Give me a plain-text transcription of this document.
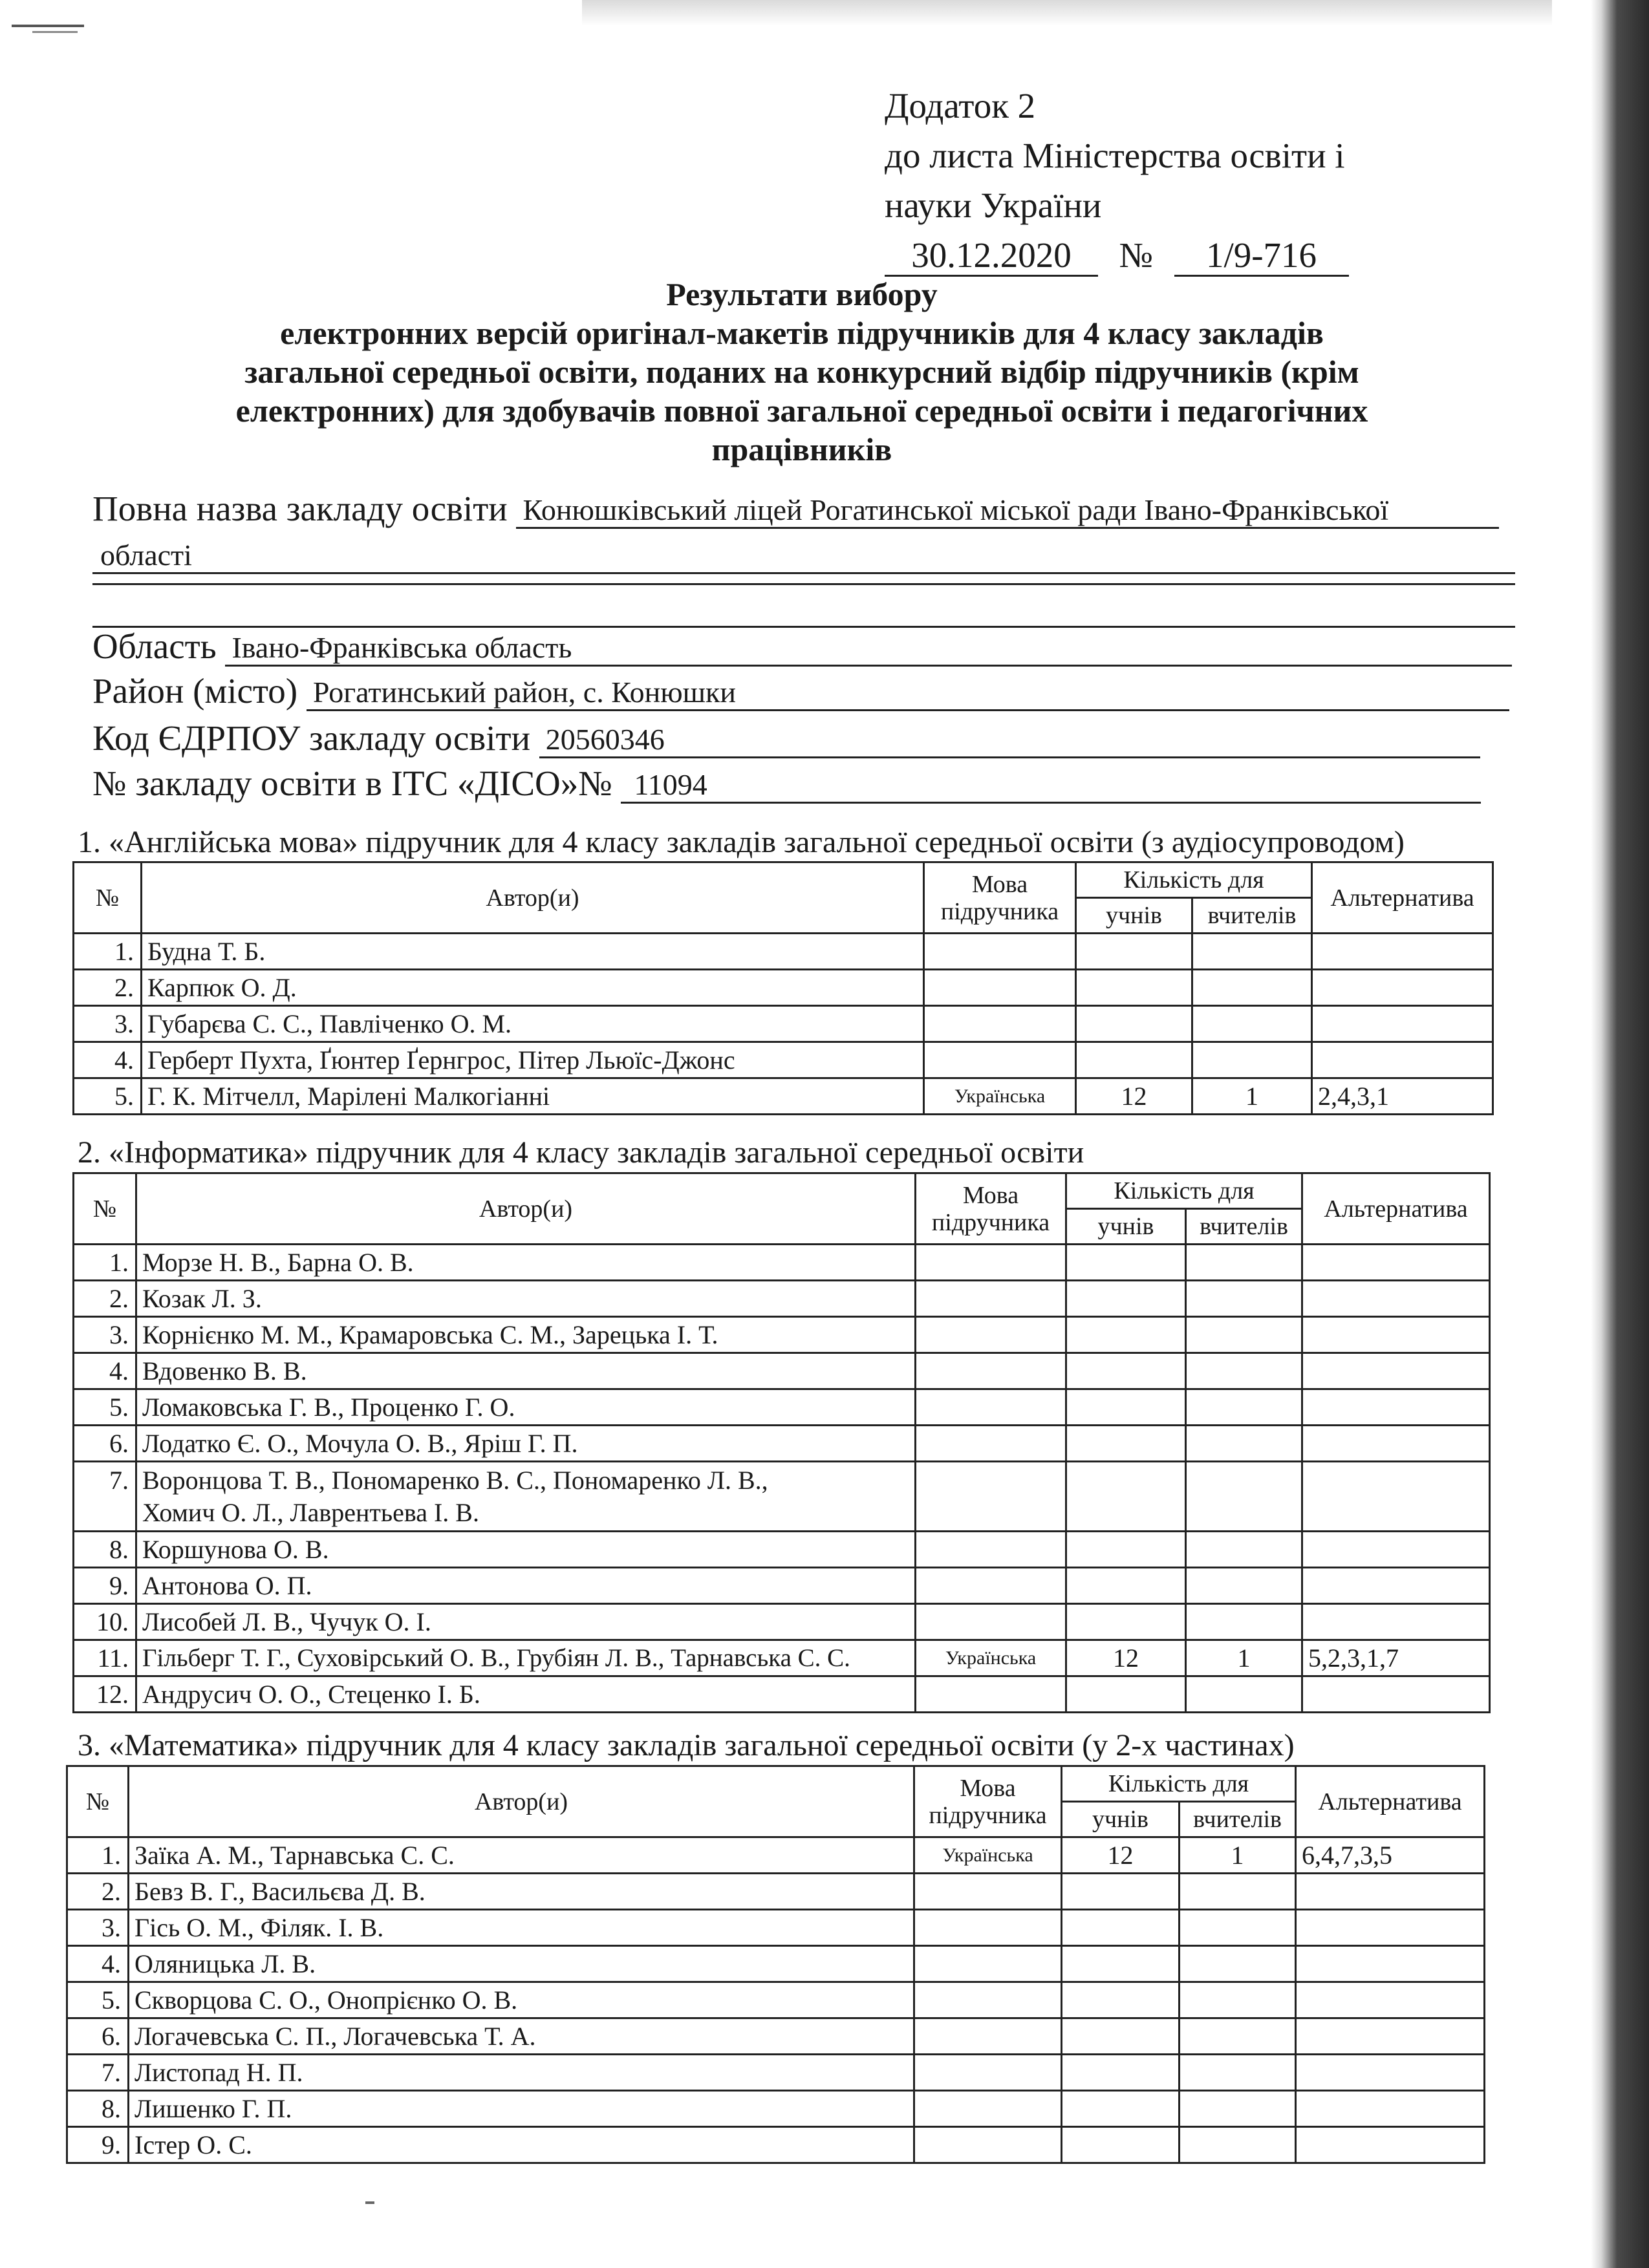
Додаток 2
до листа Міністерства освіти і
науки України
30.12.2020 № 1/9-716
Результати вибору
електронних версій оригінал-макетів підручників для 4 класу закладів
загальної середньої освіти, поданих на конкурсний відбір підручників (крім
електронних) для здобувачів повної загальної середньої освіти і педагогічних
працівників
Повна назва закладу освіти Конюшківський ліцей Рогатинської міської ради Івано-Франківської
області
Область Івано-Франківська область
Район (місто) Рогатинський район, с. Конюшки
Код ЄДРПОУ закладу освіти 20560346
№ закладу освіти в ІТС «ДІСО»№ 11094
1. «Англійська мова» підручник для 4 класу закладів загальної середньої освіти (з аудіосупроводом)
№	Автор(и)	Мова
підручника	Кількість для		Альтернатива
			учнів	вчителів	
1.	Будна Т. Б.				
2.	Карпюк О. Д.				
3.	Губарєва С. С., Павліченко О. М.				
4.	Герберт Пухта, Ґюнтер Ґернгрос, Пітер Льюїс-Джонс				
5.	Г. К. Мітчелл, Марілені Малкогіанні	Українська	12	1	2,4,3,1
2. «Інформатика» підручник для 4 класу закладів загальної середньої освіти
№	Автор(и)	Мова
підручника	Кількість для		Альтернатива
			учнів	вчителів	
1.	Морзе Н. В., Барна О. В.				
2.	Козак Л. З.				
3.	Корнієнко М. М., Крамаровська С. М., Зарецька І. Т.				
4.	Вдовенко В. В.				
5.	Ломаковська Г. В., Проценко Г. О.				
6.	Лодатко Є. О., Мочула О. В., Яріш Г. П.				
7.	Воронцова Т. В., Пономаренко В. С., Пономаренко Л. В.,
Хомич О. Л., Лаврентьева І. В.				

8.	Коршунова О. В.				
9.	Антонова О. П.				
10.	Лисобей Л. В., Чучук О. І.				
11.	Гільберг Т. Г., Суховірський О. В., Грубіян Л. В., Тарнавська С. С.	Українська	12	1	5,2,3,1,7
12.	Андрусич О. О., Стеценко І. Б.				
3. «Математика» підручник для 4 класу закладів загальної середньої освіти (у 2-х частинах)
№	Автор(и)	Мова
підручника	Кількість для		Альтернатива
			учнів	вчителів	
1.	Заїка А. М., Тарнавська С. С.	Українська	12	1	6,4,7,3,5
2.	Бевз В. Г., Васильєва Д. В.				
3.	Гісь О. М., Філяк. І. В.				
4.	Оляницька Л. В.				
5.	Скворцова С. О., Онопрієнко О. В.				
6.	Логачевська С. П., Логачевська Т. А.				
7.	Листопад Н. П.				
8.	Лишенко Г. П.				
9.	Істер О. С.				
